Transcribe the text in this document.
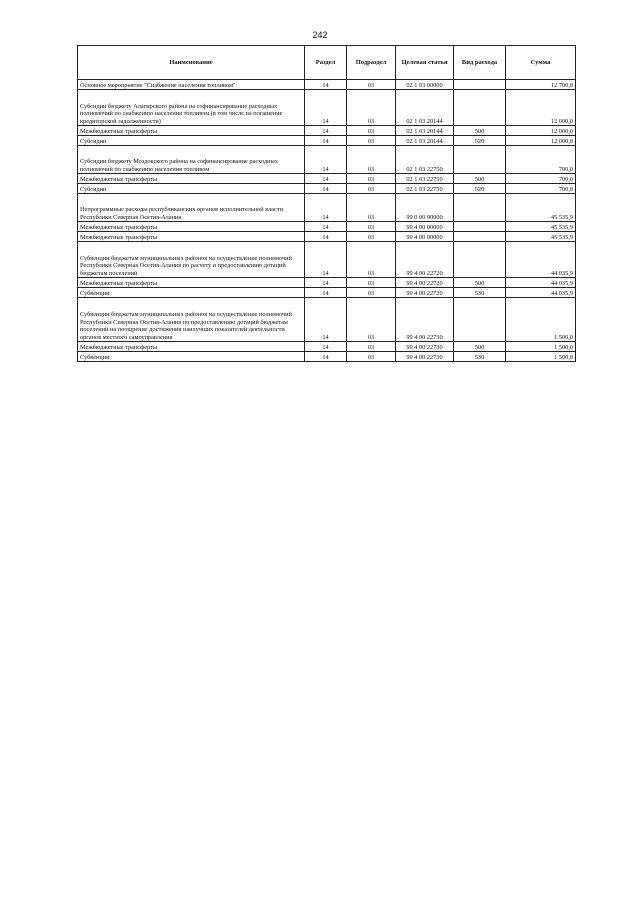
242
Наименование	Раздел	Подраздел	Целевая статья	Вид расхода	Сумма
Основное мероприятие "Снабжение населения топливом"	14	03	02 1 03 00000		12 700,0
Субсидии бюджету Алагирского района на софинансирование расходных полномочий по снабжению населения топливом (в том числе на погашение кредиторской задолженности)	14	03	02 1 03 20144		12 000,0
Межбюджетные трансферты	14	03	02 1 03 20144	500	12 000,0
Субсидии	14	03	02 1 03 20144	520	12 000,0
Субсидии бюджету Моздокского района на софинансирование расходных полномочий по снабжению населения топливом	14	03	02 1 03 22750		700,0
Межбюджетные трансферты	14	03	02 1 03 22750	500	700,0
Субсидии	14	03	02 1 03 22750	520	700,0
Непрограммные расходы республиканских органов исполнительной власти Республики Северная Осетия-Алания	14	03	99 0 00 00000		45 535,9
Межбюджетные трансферты	14	03	99 4 00 00000		45 535,9
Межбюджетные трансферты	14	03	99 4 00 00000		45 535,9
Субвенции бюджетам муниципальных районов на осуществление полномочий Республики Северная Осетия-Алания по расчету и предоставлению дотаций бюджетам поселений	14	03	99 4 00 22720		44 035,9
Межбюджетные трансферты	14	03	99 4 00 22720	500	44 035,9
Субвенции	14	03	99 4 00 22720	530	44 035,9
Субвенции бюджетам муниципальных районов на осуществление полномочий Республики Северная Осетия-Алания по предоставлению дотаций бюджетам поселений на поощрение достижения наилучших показателей деятельности органов местного самоуправления	14	03	99 4 00 22730		1 500,0
Межбюджетные трансферты	14	03	99 4 00 22730	500	1 500,0
Субвенции	14	03	99 4 00 22730	530	1 500,0
